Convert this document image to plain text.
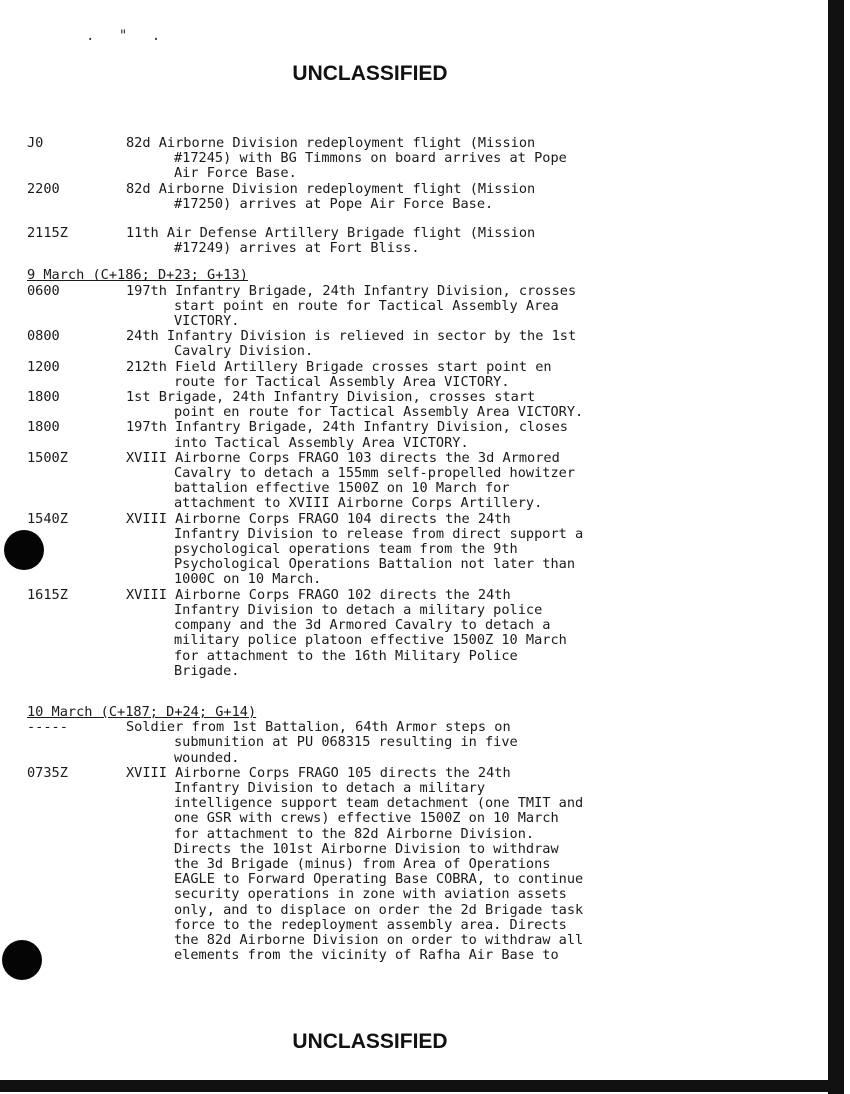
. " .
UNCLASSIFIED
J0	82d Airborne Division redeployment flight (Mission
#17245) with BG Timmons on board arrives at Pope
Air Force Base.
2200	82d Airborne Division redeployment flight (Mission
#17250) arrives at Pope Air Force Base.
2115Z	11th Air Defense Artillery Brigade flight (Mission
#17249) arrives at Fort Bliss.
9 March (C+186; D+23; G+13)
0600	197th Infantry Brigade, 24th Infantry Division, crosses
start point en route for Tactical Assembly Area
VICTORY.
0800	24th Infantry Division is relieved in sector by the 1st
Cavalry Division.
1200	212th Field Artillery Brigade crosses start point en
route for Tactical Assembly Area VICTORY.
1800	1st Brigade, 24th Infantry Division, crosses start
point en route for Tactical Assembly Area VICTORY.
1800	197th Infantry Brigade, 24th Infantry Division, closes
into Tactical Assembly Area VICTORY.
1500Z	XVIII Airborne Corps FRAGO 103 directs the 3d Armored
Cavalry to detach a 155mm self-propelled howitzer
battalion effective 1500Z on 10 March for
attachment to XVIII Airborne Corps Artillery.
1540Z	XVIII Airborne Corps FRAGO 104 directs the 24th
Infantry Division to release from direct support a
psychological operations team from the 9th
Psychological Operations Battalion not later than
1000C on 10 March.
1615Z	XVIII Airborne Corps FRAGO 102 directs the 24th
Infantry Division to detach a military police
company and the 3d Armored Cavalry to detach a
military police platoon effective 1500Z 10 March
for attachment to the 16th Military Police
Brigade.
10 March (C+187; D+24; G+14)
-----	Soldier from 1st Battalion, 64th Armor steps on
submunition at PU 068315 resulting in five
wounded.
0735Z	XVIII Airborne Corps FRAGO 105 directs the 24th
Infantry Division to detach a military
intelligence support team detachment (one TMIT and
one GSR with crews) effective 1500Z on 10 March
for attachment to the 82d Airborne Division.
Directs the 101st Airborne Division to withdraw
the 3d Brigade (minus) from Area of Operations
EAGLE to Forward Operating Base COBRA, to continue
security operations in zone with aviation assets
only, and to displace on order the 2d Brigade task
force to the redeployment assembly area. Directs
the 82d Airborne Division on order to withdraw all
elements from the vicinity of Rafha Air Base to
UNCLASSIFIED
